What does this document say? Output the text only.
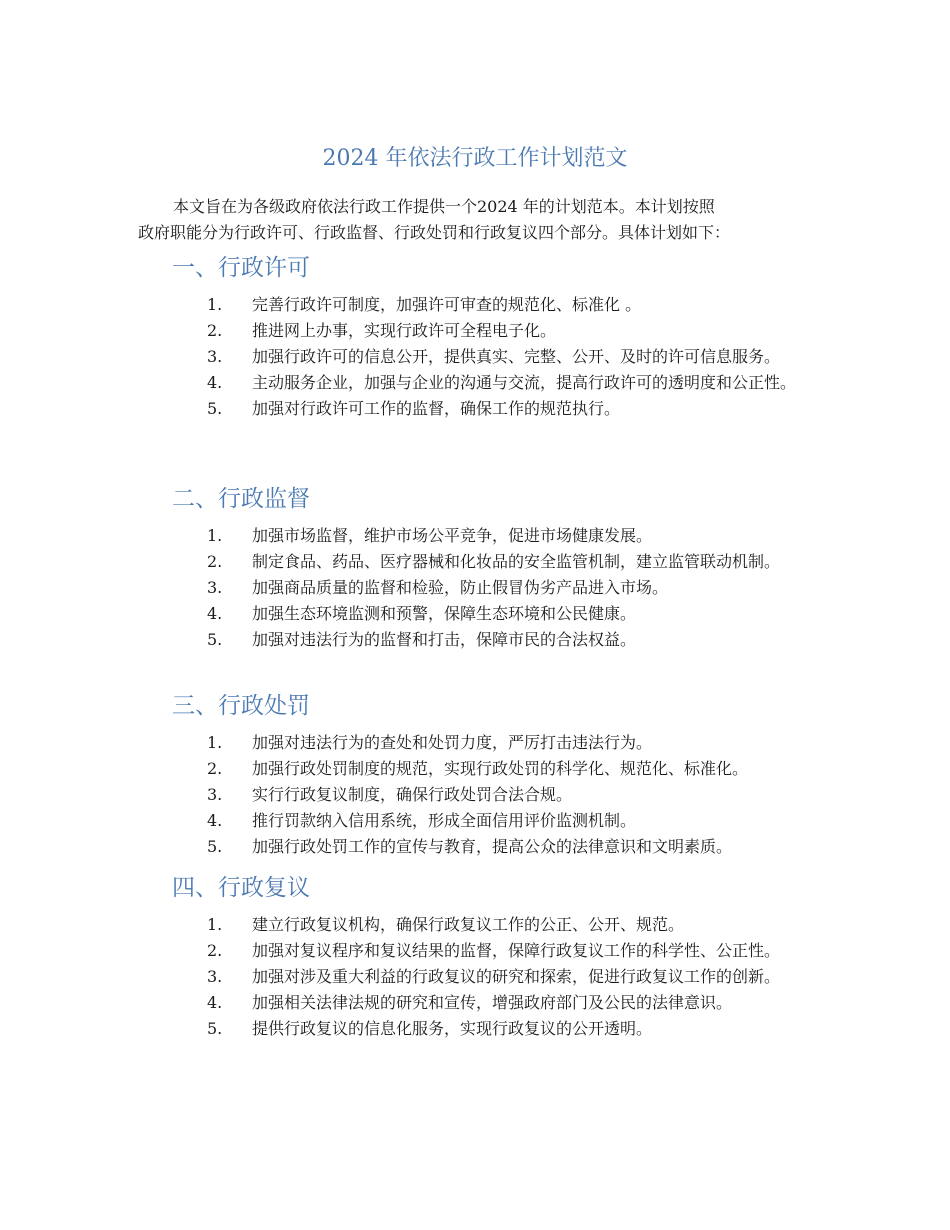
2024 年依法行政工作计划范文

本文旨在为各级政府依法行政工作提供一个2024 年的计划范本。本计划按照
政府职能分为行政许可、行政监督、行政处罚和行政复议四个部分。具体计划如下：

一、行政许可
1. 完善行政许可制度，加强许可审查的规范化、标准化 。
2. 推进网上办事，实现行政许可全程电子化。
3. 加强行政许可的信息公开，提供真实、完整、公开、及时的许可信息服务。
4. 主动服务企业，加强与企业的沟通与交流，提高行政许可的透明度和公正性。
5. 加强对行政许可工作的监督，确保工作的规范执行。
二、行政监督
1. 加强市场监督，维护市场公平竞争，促进市场健康发展。
2. 制定食品、药品、医疗器械和化妆品的安全监管机制，建立监管联动机制。
3. 加强商品质量的监督和检验，防止假冒伪劣产品进入市场。
4. 加强生态环境监测和预警，保障生态环境和公民健康。
5. 加强对违法行为的监督和打击，保障市民的合法权益。
三、行政处罚
1. 加强对违法行为的查处和处罚力度，严厉打击违法行为。
2. 加强行政处罚制度的规范，实现行政处罚的科学化、规范化、标准化。
3. 实行行政复议制度，确保行政处罚合法合规。
4. 推行罚款纳入信用系统，形成全面信用评价监测机制。
5. 加强行政处罚工作的宣传与教育，提高公众的法律意识和文明素质。
四、行政复议
1. 建立行政复议机构，确保行政复议工作的公正、公开、规范。
2. 加强对复议程序和复议结果的监督，保障行政复议工作的科学性、公正性。
3. 加强对涉及重大利益的行政复议的研究和探索，促进行政复议工作的创新。
4. 加强相关法律法规的研究和宣传，增强政府部门及公民的法律意识。
5. 提供行政复议的信息化服务，实现行政复议的公开透明。
